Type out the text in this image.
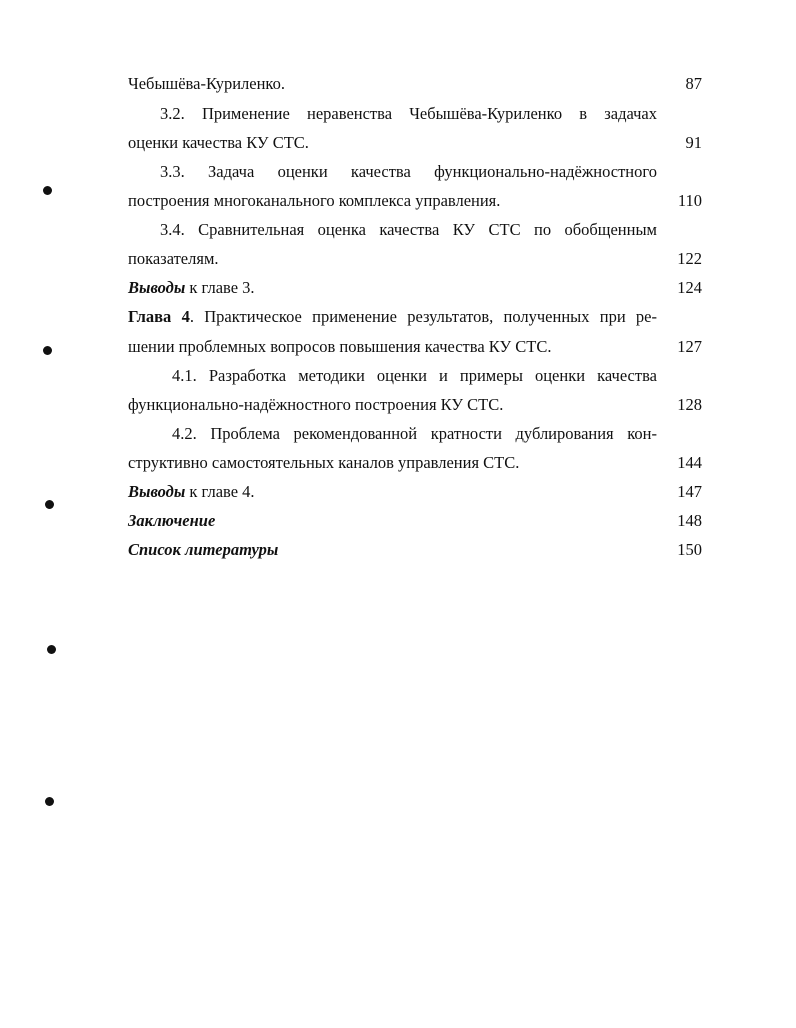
Чебышёва-Куриленко.	87
3.2. Применение неравенства Чебышёва-Куриленко в задачах
оценки качества КУ СТС.	91
3.3. Задача оценки качества функционально-надёжностного
построения многоканального комплекса управления.	110
3.4. Сравнительная оценка качества КУ СТС по обобщенным
показателям.	122
Выводы к главе 3.	124
Глава 4. Практическое применение результатов, полученных при ре-
шении проблемных вопросов повышения качества КУ СТС.	127
4.1. Разработка методики оценки и примеры оценки качества
функционально-надёжностного построения КУ СТС.	128
4.2. Проблема рекомендованной кратности дублирования кон-
структивно самостоятельных каналов управления СТС.	144
Выводы к главе 4.	147
Заключение	148
Список литературы	150
